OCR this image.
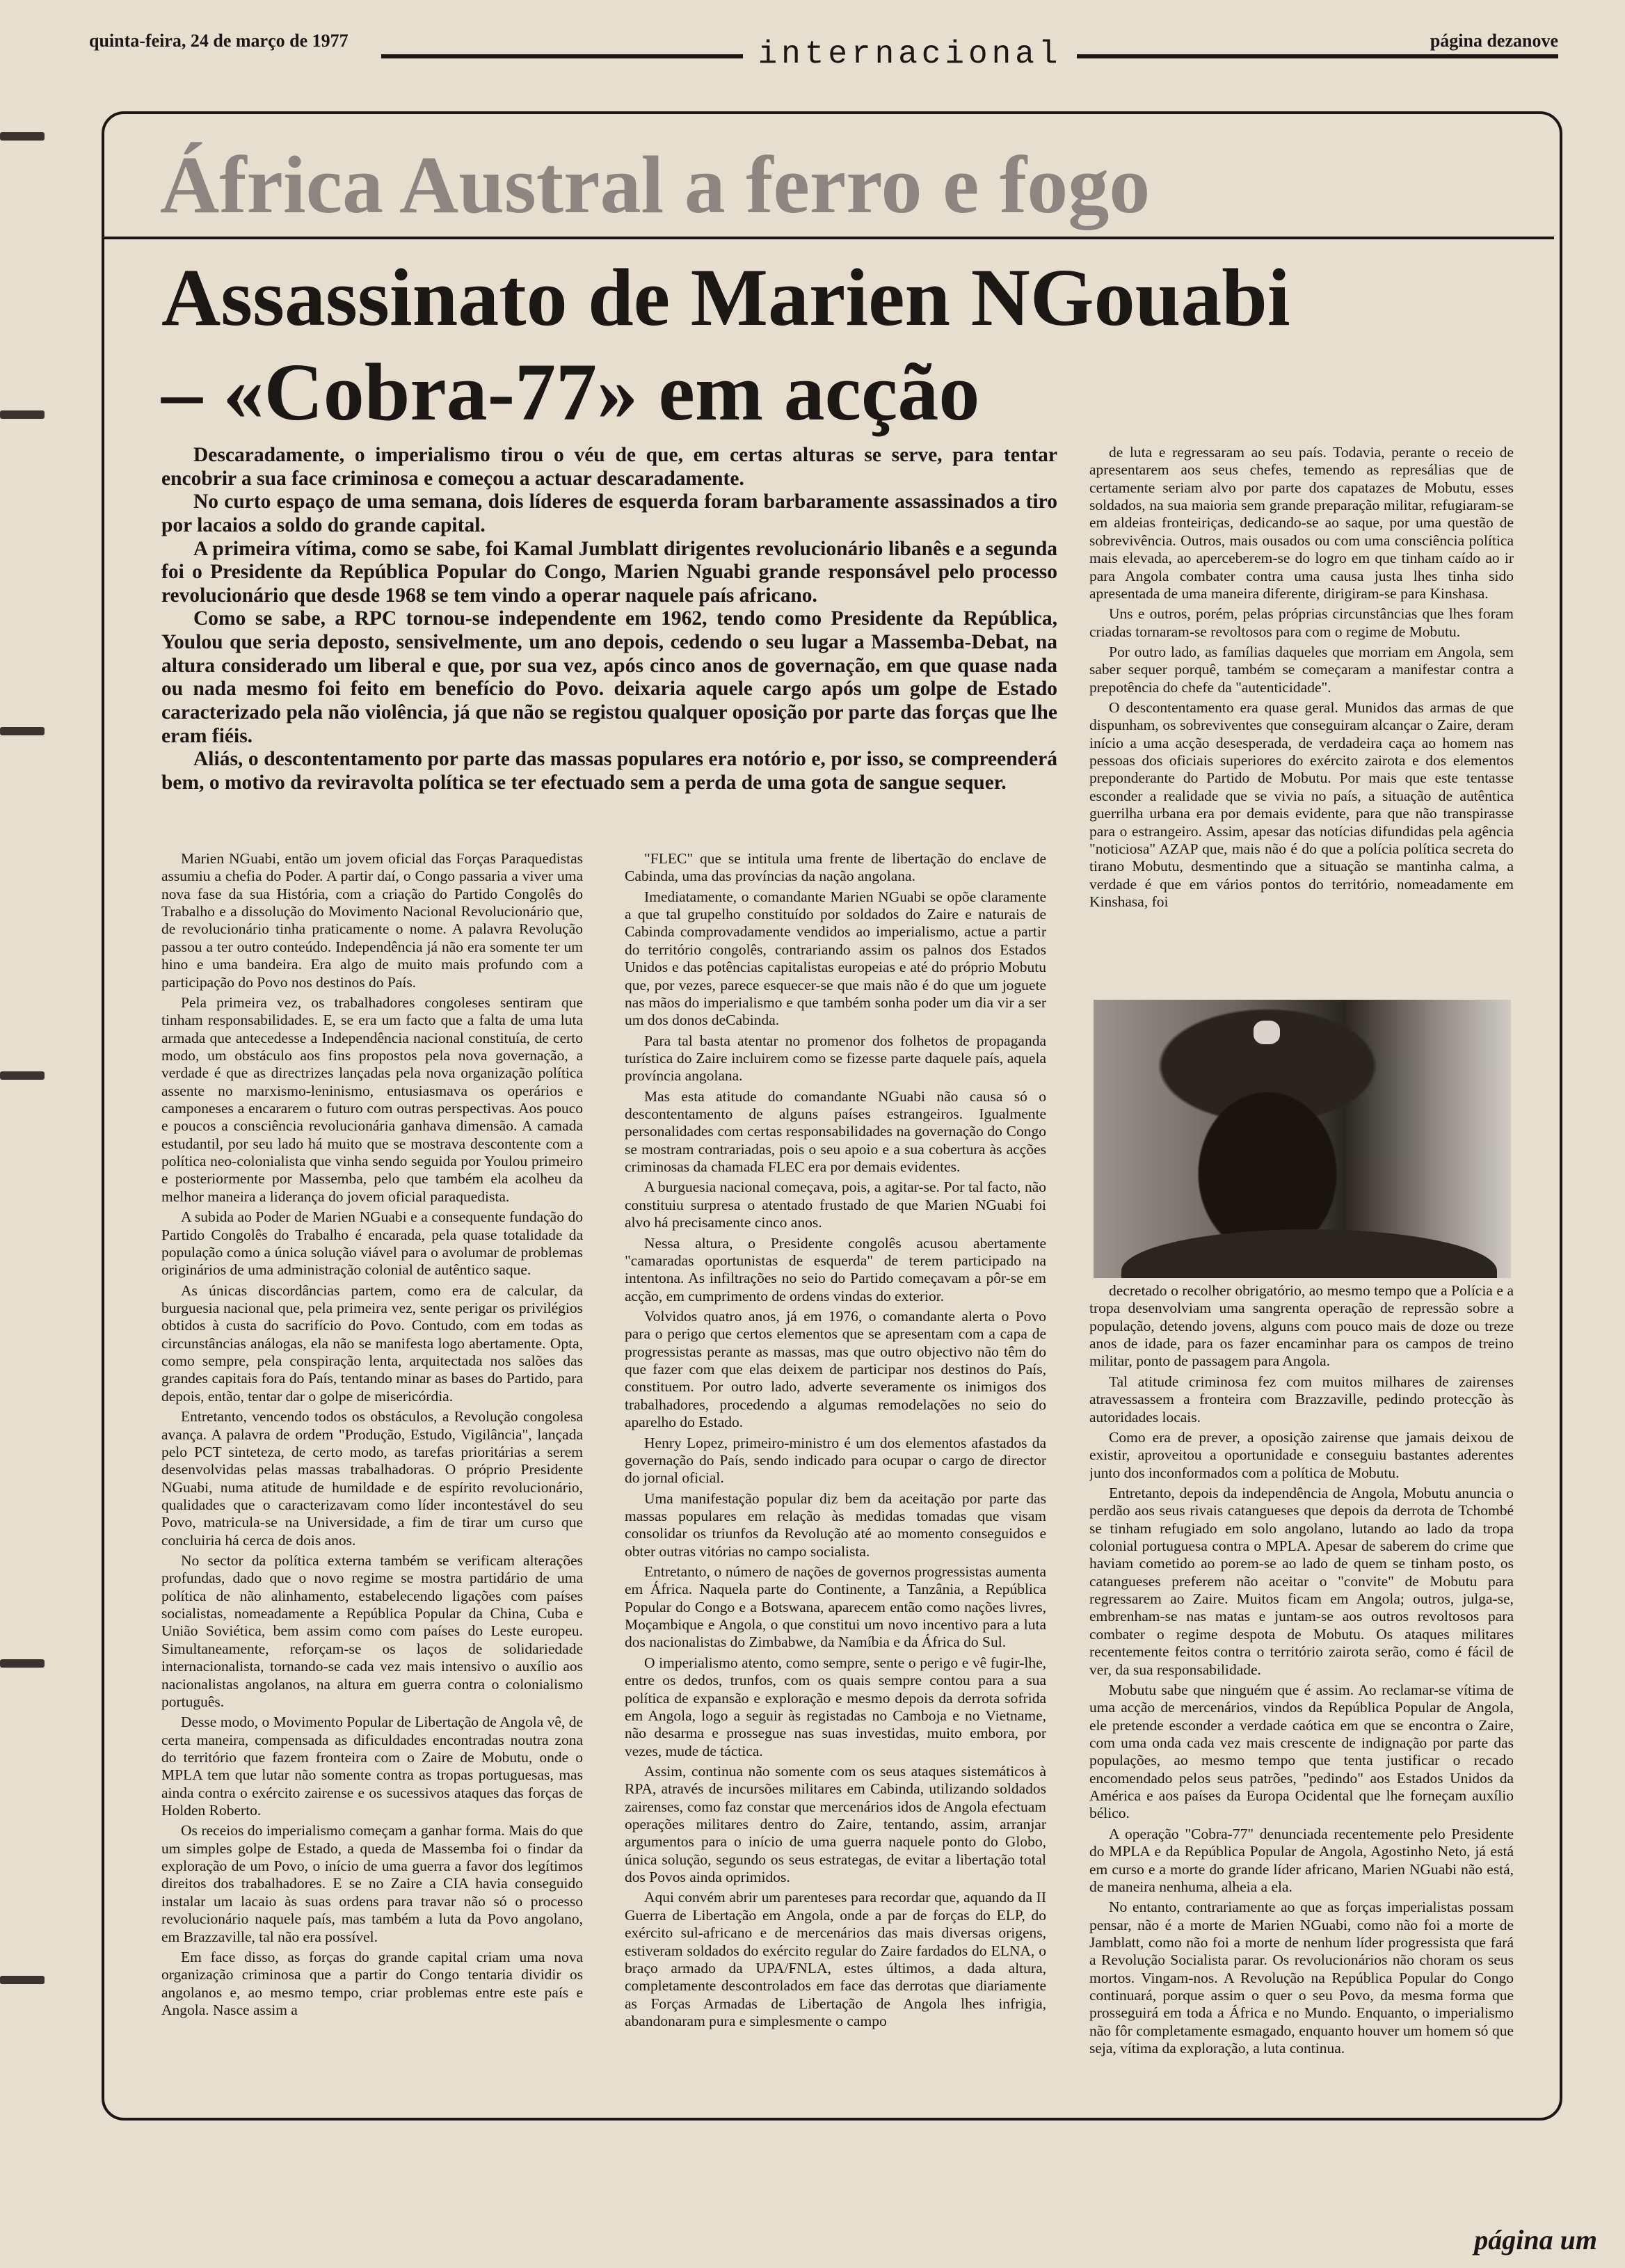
quinta-feira, 24 de março de 1977	internacional	página dezanove
África Austral a ferro e fogo
Assassinato de Marien NGouabi
– «Cobra-77» em acção

Descaradamente, o imperialismo tirou o véu de que, em certas alturas se serve, para tentar encobrir a sua face criminosa e começou a actuar descaradamente.

No curto espaço de uma semana, dois líderes de esquerda foram barbaramente assassinados a tiro por lacaios a soldo do grande capital.

A primeira vítima, como se sabe, foi Kamal Jumblatt dirigentes revolucionário libanês e a segunda foi o Presidente da República Popular do Congo, Marien Nguabi grande responsável pelo processo revolucionário que desde 1968 se tem vindo a operar naquele país africano.

Como se sabe, a RPC tornou-se independente em 1962, tendo como Presidente da República, Youlou que seria deposto, sensivelmente, um ano depois, cedendo o seu lugar a Massemba-Debat, na altura considerado um liberal e que, por sua vez, após cinco anos de governação, em que quase nada ou nada mesmo foi feito em benefício do Povo. deixaria aquele cargo após um golpe de Estado caracterizado pela não violência, já que não se registou qualquer oposição por parte das forças que lhe eram fiéis.

Aliás, o descontentamento por parte das massas populares era notório e, por isso, se compreenderá bem, o motivo da reviravolta política se ter efectuado sem a perda de uma gota de sangue sequer.

Marien NGuabi, então um jovem oficial das Forças Paraquedistas assumiu a chefia do Poder. A partir daí, o Congo passaria a viver uma nova fase da sua História, com a criação do Partido Congolês do Trabalho e a dissolução do Movimento Nacional Revolucionário que, de revolucionário tinha praticamente o nome. A palavra Revolução passou a ter outro conteúdo. Independência já não era somente ter um hino e uma bandeira. Era algo de muito mais profundo com a participação do Povo nos destinos do País.

Pela primeira vez, os trabalhadores congoleses sentiram que tinham responsabilidades. E, se era um facto que a falta de uma luta armada que antecedesse a Independência nacional constituía, de certo modo, um obstáculo aos fins propostos pela nova governação, a verdade é que as directrizes lançadas pela nova organização política assente no marxismo-leninismo, entusiasmava os operários e camponeses a encararem o futuro com outras perspectivas. Aos pouco e poucos a consciência revolucionária ganhava dimensão. A camada estudantil, por seu lado há muito que se mostrava descontente com a política neo-colonialista que vinha sendo seguida por Youlou primeiro e posteriormente por Massemba, pelo que também ela acolheu da melhor maneira a liderança do jovem oficial paraquedista.

A subida ao Poder de Marien NGuabi e a consequente fundação do Partido Congolês do Trabalho é encarada, pela quase totalidade da população como a única solução viável para o avolumar de problemas originários de uma administração colonial de autêntico saque.

As únicas discordâncias partem, como era de calcular, da burguesia nacional que, pela primeira vez, sente perigar os privilégios obtidos à custa do sacrifício do Povo. Contudo, com em todas as circunstâncias análogas, ela não se manifesta logo abertamente. Opta, como sempre, pela conspiração lenta, arquitectada nos salões das grandes capitais fora do País, tentando minar as bases do Partido, para depois, então, tentar dar o golpe de misericórdia.

Entretanto, vencendo todos os obstáculos, a Revolução congolesa avança. A palavra de ordem "Produção, Estudo, Vigilância", lançada pelo PCT sinteteza, de certo modo, as tarefas prioritárias a serem desenvolvidas pelas massas trabalhadoras. O próprio Presidente NGuabi, numa atitude de humildade e de espírito revolucionário, qualidades que o caracterizavam como líder incontestável do seu Povo, matricula-se na Universidade, a fim de tirar um curso que concluiria há cerca de dois anos.

No sector da política externa também se verificam alterações profundas, dado que o novo regime se mostra partidário de uma política de não alinhamento, estabelecendo ligações com países socialistas, nomeadamente a República Popular da China, Cuba e União Soviética, bem assim como com países do Leste europeu. Simultaneamente, reforçam-se os laços de solidariedade internacionalista, tornando-se cada vez mais intensivo o auxílio aos nacionalistas angolanos, na altura em guerra contra o colonialismo português.

Desse modo, o Movimento Popular de Libertação de Angola vê, de certa maneira, compensada as dificuldades encontradas noutra zona do território que fazem fronteira com o Zaire de Mobutu, onde o MPLA tem que lutar não somente contra as tropas portuguesas, mas ainda contra o exército zairense e os sucessivos ataques das forças de Holden Roberto.

Os receios do imperialismo começam a ganhar forma. Mais do que um simples golpe de Estado, a queda de Massemba foi o findar da exploração de um Povo, o início de uma guerra a favor dos legítimos direitos dos trabalhadores. E se no Zaire a CIA havia conseguido instalar um lacaio às suas ordens para travar não só o processo revolucionário naquele país, mas também a luta da Povo angolano, em Brazzaville, tal não era possível.

Em face disso, as forças do grande capital criam uma nova organização criminosa que a partir do Congo tentaria dividir os angolanos e, ao mesmo tempo, criar problemas entre este país e Angola. Nasce assim a

"FLEC" que se intitula uma frente de libertação do enclave de Cabinda, uma das províncias da nação angolana.

Imediatamente, o comandante Marien NGuabi se opõe claramente a que tal grupelho constituído por soldados do Zaire e naturais de Cabinda comprovadamente vendidos ao imperialismo, actue a partir do território congolês, contrariando assim os palnos dos Estados Unidos e das potências capitalistas europeias e até do próprio Mobutu que, por vezes, parece esquecer-se que mais não é do que um joguete nas mãos do imperialismo e que também sonha poder um dia vir a ser um dos donos deCabinda.

Para tal basta atentar no promenor dos folhetos de propaganda turística do Zaire incluirem como se fizesse parte daquele país, aquela província angolana.

Mas esta atitude do comandante NGuabi não causa só o descontentamento de alguns países estrangeiros. Igualmente personalidades com certas responsabilidades na governação do Congo se mostram contrariadas, pois o seu apoio e a sua cobertura às acções criminosas da chamada FLEC era por demais evidentes.

A burguesia nacional começava, pois, a agitar-se. Por tal facto, não constituiu surpresa o atentado frustado de que Marien NGuabi foi alvo há precisamente cinco anos.

Nessa altura, o Presidente congolês acusou abertamente "camaradas oportunistas de esquerda" de terem participado na intentona. As infiltrações no seio do Partido começavam a pôr-se em acção, em cumprimento de ordens vindas do exterior.

Volvidos quatro anos, já em 1976, o comandante alerta o Povo para o perigo que certos elementos que se apresentam com a capa de progressistas perante as massas, mas que outro objectivo não têm do que fazer com que elas deixem de participar nos destinos do País, constituem. Por outro lado, adverte severamente os inimigos dos trabalhadores, procedendo a algumas remodelações no seio do aparelho do Estado.

Henry Lopez, primeiro-ministro é um dos elementos afastados da governação do País, sendo indicado para ocupar o cargo de director do jornal oficial.

Uma manifestação popular diz bem da aceitação por parte das massas populares em relação às medidas tomadas que visam consolidar os triunfos da Revolução até ao momento conseguidos e obter outras vitórias no campo socialista.

Entretanto, o número de nações de governos progressistas aumenta em África. Naquela parte do Continente, a Tanzânia, a República Popular do Congo e a Botswana, aparecem então como nações livres, Moçambique e Angola, o que constitui um novo incentivo para a luta dos nacionalistas do Zimbabwe, da Namíbia e da África do Sul.

O imperialismo atento, como sempre, sente o perigo e vê fugir-lhe, entre os dedos, trunfos, com os quais sempre contou para a sua política de expansão e exploração e mesmo depois da derrota sofrida em Angola, logo a seguir às registadas no Camboja e no Vietname, não desarma e prossegue nas suas investidas, muito embora, por vezes, mude de táctica.

Assim, continua não somente com os seus ataques sistemáticos à RPA, através de incursões militares em Cabinda, utilizando soldados zairenses, como faz constar que mercenários idos de Angola efectuam operações militares dentro do Zaire, tentando, assim, arranjar argumentos para o início de uma guerra naquele ponto do Globo, única solução, segundo os seus estrategas, de evitar a libertação total dos Povos ainda oprimidos.

Aqui convém abrir um parenteses para recordar que, aquando da II Guerra de Libertação em Angola, onde a par de forças do ELP, do exército sul-africano e de mercenários das mais diversas origens, estiveram soldados do exército regular do Zaire fardados do ELNA, o braço armado da UPA/FNLA, estes últimos, a dada altura, completamente descontrolados em face das derrotas que diariamente as Forças Armadas de Libertação de Angola lhes infrigia, abandonaram pura e simplesmente o campo

de luta e regressaram ao seu país. Todavia, perante o receio de apresentarem aos seus chefes, temendo as represálias que de certamente seriam alvo por parte dos capatazes de Mobutu, esses soldados, na sua maioria sem grande preparação militar, refugiaram-se em aldeias fronteiriças, dedicando-se ao saque, por uma questão de sobrevivência. Outros, mais ousados ou com uma consciência política mais elevada, ao aperceberem-se do logro em que tinham caído ao ir para Angola combater contra uma causa justa lhes tinha sido apresentada de uma maneira diferente, dirigiram-se para Kinshasa.

Uns e outros, porém, pelas próprias circunstâncias que lhes foram criadas tornaram-se revoltosos para com o regime de Mobutu.

Por outro lado, as famílias daqueles que morriam em Angola, sem saber sequer porquê, também se começaram a manifestar contra a prepotência do chefe da "autenticidade".

O descontentamento era quase geral. Munidos das armas de que dispunham, os sobreviventes que conseguiram alcançar o Zaire, deram início a uma acção desesperada, de verdadeira caça ao homem nas pessoas dos oficiais superiores do exército zairota e dos elementos preponderante do Partido de Mobutu. Por mais que este tentasse esconder a realidade que se vivia no país, a situação de autêntica guerrilha urbana era por demais evidente, para que não transpirasse para o estrangeiro. Assim, apesar das notícias difundidas pela agência "noticiosa" AZAP que, mais não é do que a polícia política secreta do tirano Mobutu, desmentindo que a situação se mantinha calma, a verdade é que em vários pontos do território, nomeadamente em Kinshasa, foi

decretado o recolher obrigatório, ao mesmo tempo que a Polícia e a tropa desenvolviam uma sangrenta operação de repressão sobre a população, detendo jovens, alguns com pouco mais de doze ou treze anos de idade, para os fazer encaminhar para os campos de treino militar, ponto de passagem para Angola.

Tal atitude criminosa fez com muitos milhares de zairenses atravessassem a fronteira com Brazzaville, pedindo protecção às autoridades locais.

Como era de prever, a oposição zairense que jamais deixou de existir, aproveitou a oportunidade e conseguiu bastantes aderentes junto dos inconformados com a política de Mobutu.

Entretanto, depois da independência de Angola, Mobutu anuncia o perdão aos seus rivais catangueses que depois da derrota de Tchombé se tinham refugiado em solo angolano, lutando ao lado da tropa colonial portuguesa contra o MPLA. Apesar de saberem do crime que haviam cometido ao porem-se ao lado de quem se tinham posto, os catangueses preferem não aceitar o "convite" de Mobutu para regressarem ao Zaire. Muitos ficam em Angola; outros, julga-se, embrenham-se nas matas e juntam-se aos outros revoltosos para combater o regime despota de Mobutu. Os ataques militares recentemente feitos contra o território zairota serão, como é fácil de ver, da sua responsabilidade.

Mobutu sabe que ninguém que é assim. Ao reclamar-se vítima de uma acção de mercenários, vindos da República Popular de Angola, ele pretende esconder a verdade caótica em que se encontra o Zaire, com uma onda cada vez mais crescente de indignação por parte das populações, ao mesmo tempo que tenta justificar o recado encomendado pelos seus patrões, "pedindo" aos Estados Unidos da América e aos países da Europa Ocidental que lhe forneçam auxílio bélico.

A operação "Cobra-77" denunciada recentemente pelo Presidente do MPLA e da República Popular de Angola, Agostinho Neto, já está em curso e a morte do grande líder africano, Marien NGuabi não está, de maneira nenhuma, alheia a ela.

No entanto, contrariamente ao que as forças imperialistas possam pensar, não é a morte de Marien NGuabi, como não foi a morte de Jamblatt, como não foi a morte de nenhum líder progressista que fará a Revolução Socialista parar. Os revolucionários não choram os seus mortos. Vingam-nos. A Revolução na República Popular do Congo continuará, porque assim o quer o seu Povo, da mesma forma que prosseguirá em toda a África e no Mundo. Enquanto, o imperialismo não fôr completamente esmagado, enquanto houver um homem só que seja, vítima da exploração, a luta continua.

página um
